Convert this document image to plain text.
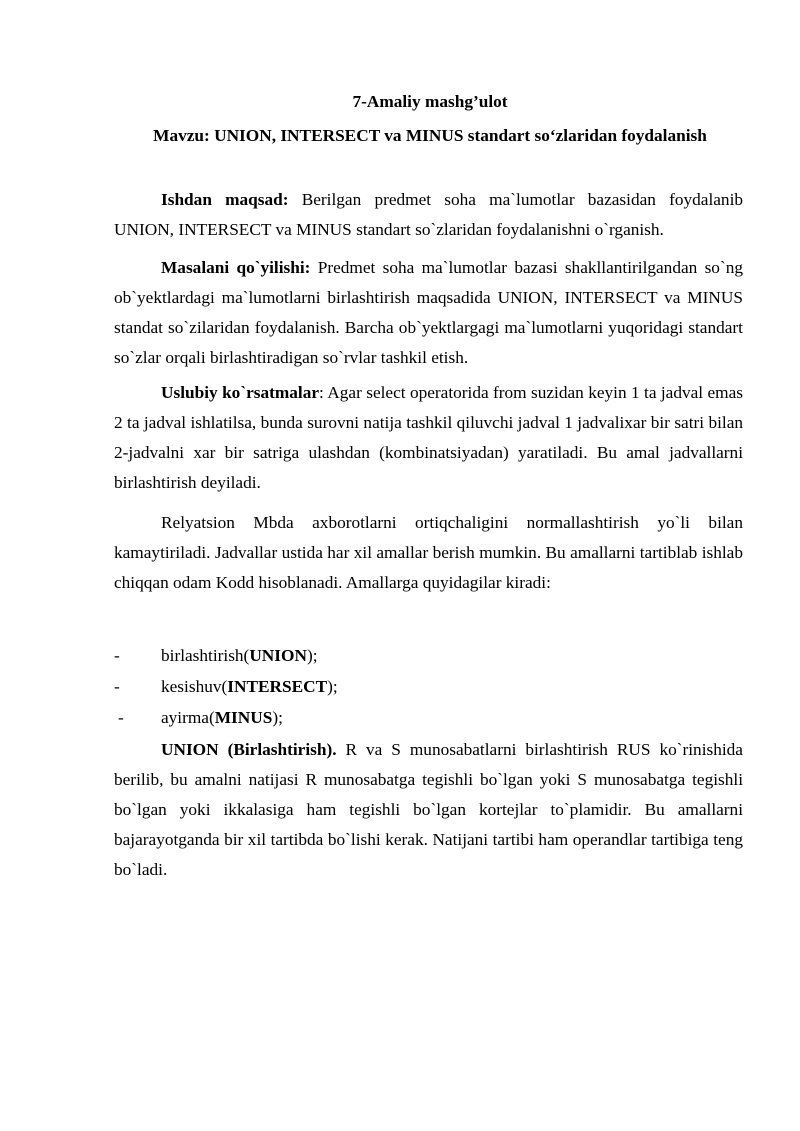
7-Amaliy mashg’ulot
Mavzu: UNION, INTERSECT va MINUS standart so‘zlaridan foydalanish
Ishdan maqsad: Berilgan predmet soha ma`lumotlar bazasidan foydalanib UNION, INTERSECT va MINUS standart so`zlaridan foydalanishni o`rganish.
Masalani qo`yilishi: Predmet soha ma`lumotlar bazasi shakllantirilgandan so`ng ob`yektlardagi ma`lumotlarni birlashtirish maqsadida UNION, INTERSECT va MINUS standat so`zilaridan foydalanish. Barcha ob`yektlargagi ma`lumotlarni yuqoridagi standart so`zlar orqali birlashtiradigan so`rvlar tashkil etish.
Uslubiy ko`rsatmalar: Agar select operatorida from suzidan keyin 1 ta jadval emas 2 ta jadval ishlatilsa, bunda surovni natija tashkil qiluvchi jadval 1 jadvalixar bir satri bilan 2-jadvalni xar bir satriga ulashdan (kombinatsiyadan) yaratiladi. Bu amal jadvallarni birlashtirish deyiladi.
Relyatsion Mbda axborotlarni ortiqchaligini normallashtirish yo`li bilan kamaytiriladi. Jadvallar ustida har xil amallar berish mumkin. Bu amallarni tartiblab ishlab chiqqan odam Kodd hisoblanadi. Amallarga quyidagilar kiradi:
- birlashtirish(UNION);
- kesishuv(INTERSECT);
- ayirma(MINUS);
UNION (Birlashtirish). R va S munosabatlarni birlashtirish RUS ko`rinishida berilib, bu amalni natijasi R munosabatga tegishli bo`lgan yoki S munosabatga tegishli bo`lgan yoki ikkalasiga ham tegishli bo`lgan kortejlar to`plamidir. Bu amallarni bajarayotganda bir xil tartibda bo`lishi kerak. Natijani tartibi ham operandlar tartibiga teng bo`ladi.
